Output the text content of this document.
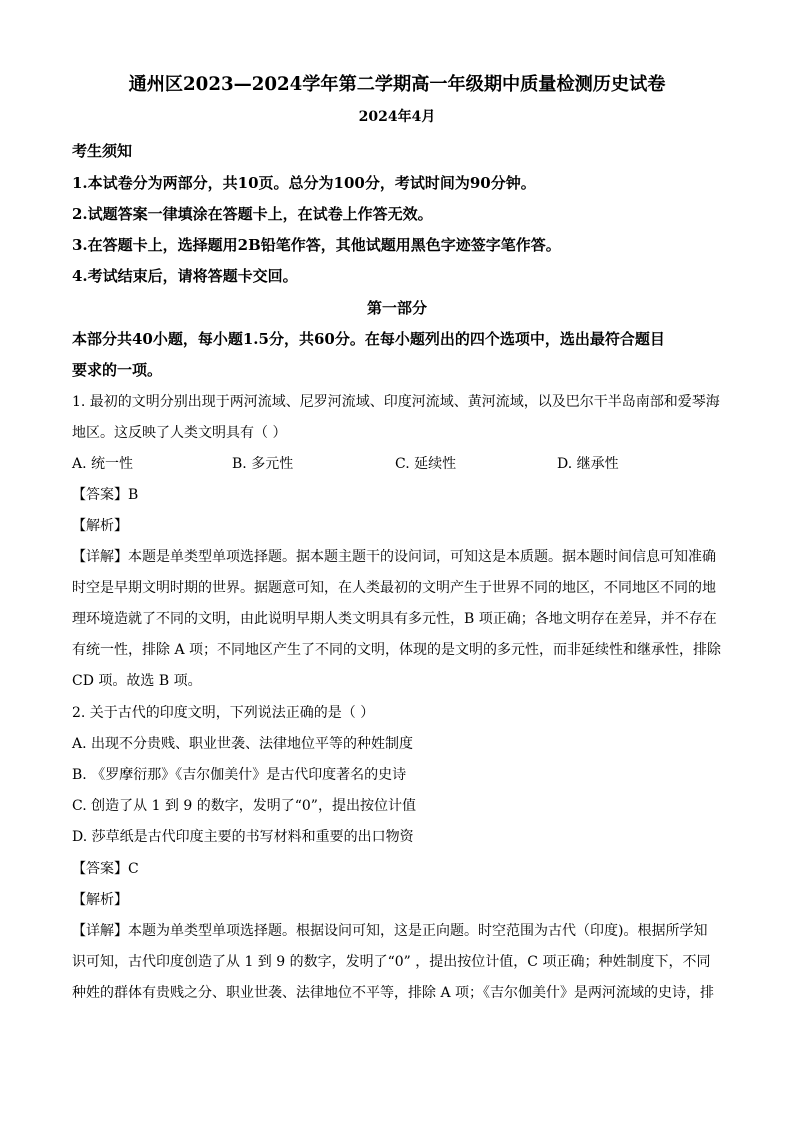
通州区2023—2024学年第二学期高一年级期中质量检测历史试卷
2024年4月
考生须知
1.本试卷分为两部分，共10页。总分为100分，考试时间为90分钟。
2.试题答案一律填涂在答题卡上，在试卷上作答无效。
3.在答题卡上，选择题用2B铅笔作答，其他试题用黑色字迹签字笔作答。
4.考试结束后，请将答题卡交回。
第一部分
本部分共40小题，每小题1.5分，共60分。在每小题列出的四个选项中，选出最符合题目
要求的一项。
1. 最初的文明分别出现于两河流域、尼罗河流域、印度河流域、黄河流域，以及巴尔干半岛南部和爱琴海
地区。这反映了人类文明具有（ ）
A. 统一性	B. 多元性	C. 延续性	D. 继承性
【答案】B
【解析】
【详解】本题是单类型单项选择题。据本题主题干的设问词，可知这是本质题。据本题时间信息可知准确
时空是早期文明时期的世界。据题意可知，在人类最初的文明产生于世界不同的地区，不同地区不同的地
理环境造就了不同的文明，由此说明早期人类文明具有多元性，B 项正确；各地文明存在差异，并不存在
有统一性，排除 A 项；不同地区产生了不同的文明，体现的是文明的多元性，而非延续性和继承性，排除
CD 项。故选 B 项。
2. 关于古代的印度文明，下列说法正确的是（ ）
A. 出现不分贵贱、职业世袭、法律地位平等的种姓制度
B. 《罗摩衍那》《吉尔伽美什》是古代印度著名的史诗
C. 创造了从 1 到 9 的数字，发明了“0”，提出按位计值
D. 莎草纸是古代印度主要的书写材料和重要的出口物资
【答案】C
【解析】
【详解】本题为单类型单项选择题。根据设问可知，这是正向题。时空范围为古代（印度)。根据所学知
识可知，古代印度创造了从 1 到 9 的数字，发明了“0” ，提出按位计值，C 项正确；种姓制度下，不同
种姓的群体有贵贱之分、职业世袭、法律地位不平等，排除 A 项；《吉尔伽美什》是两河流域的史诗，排
